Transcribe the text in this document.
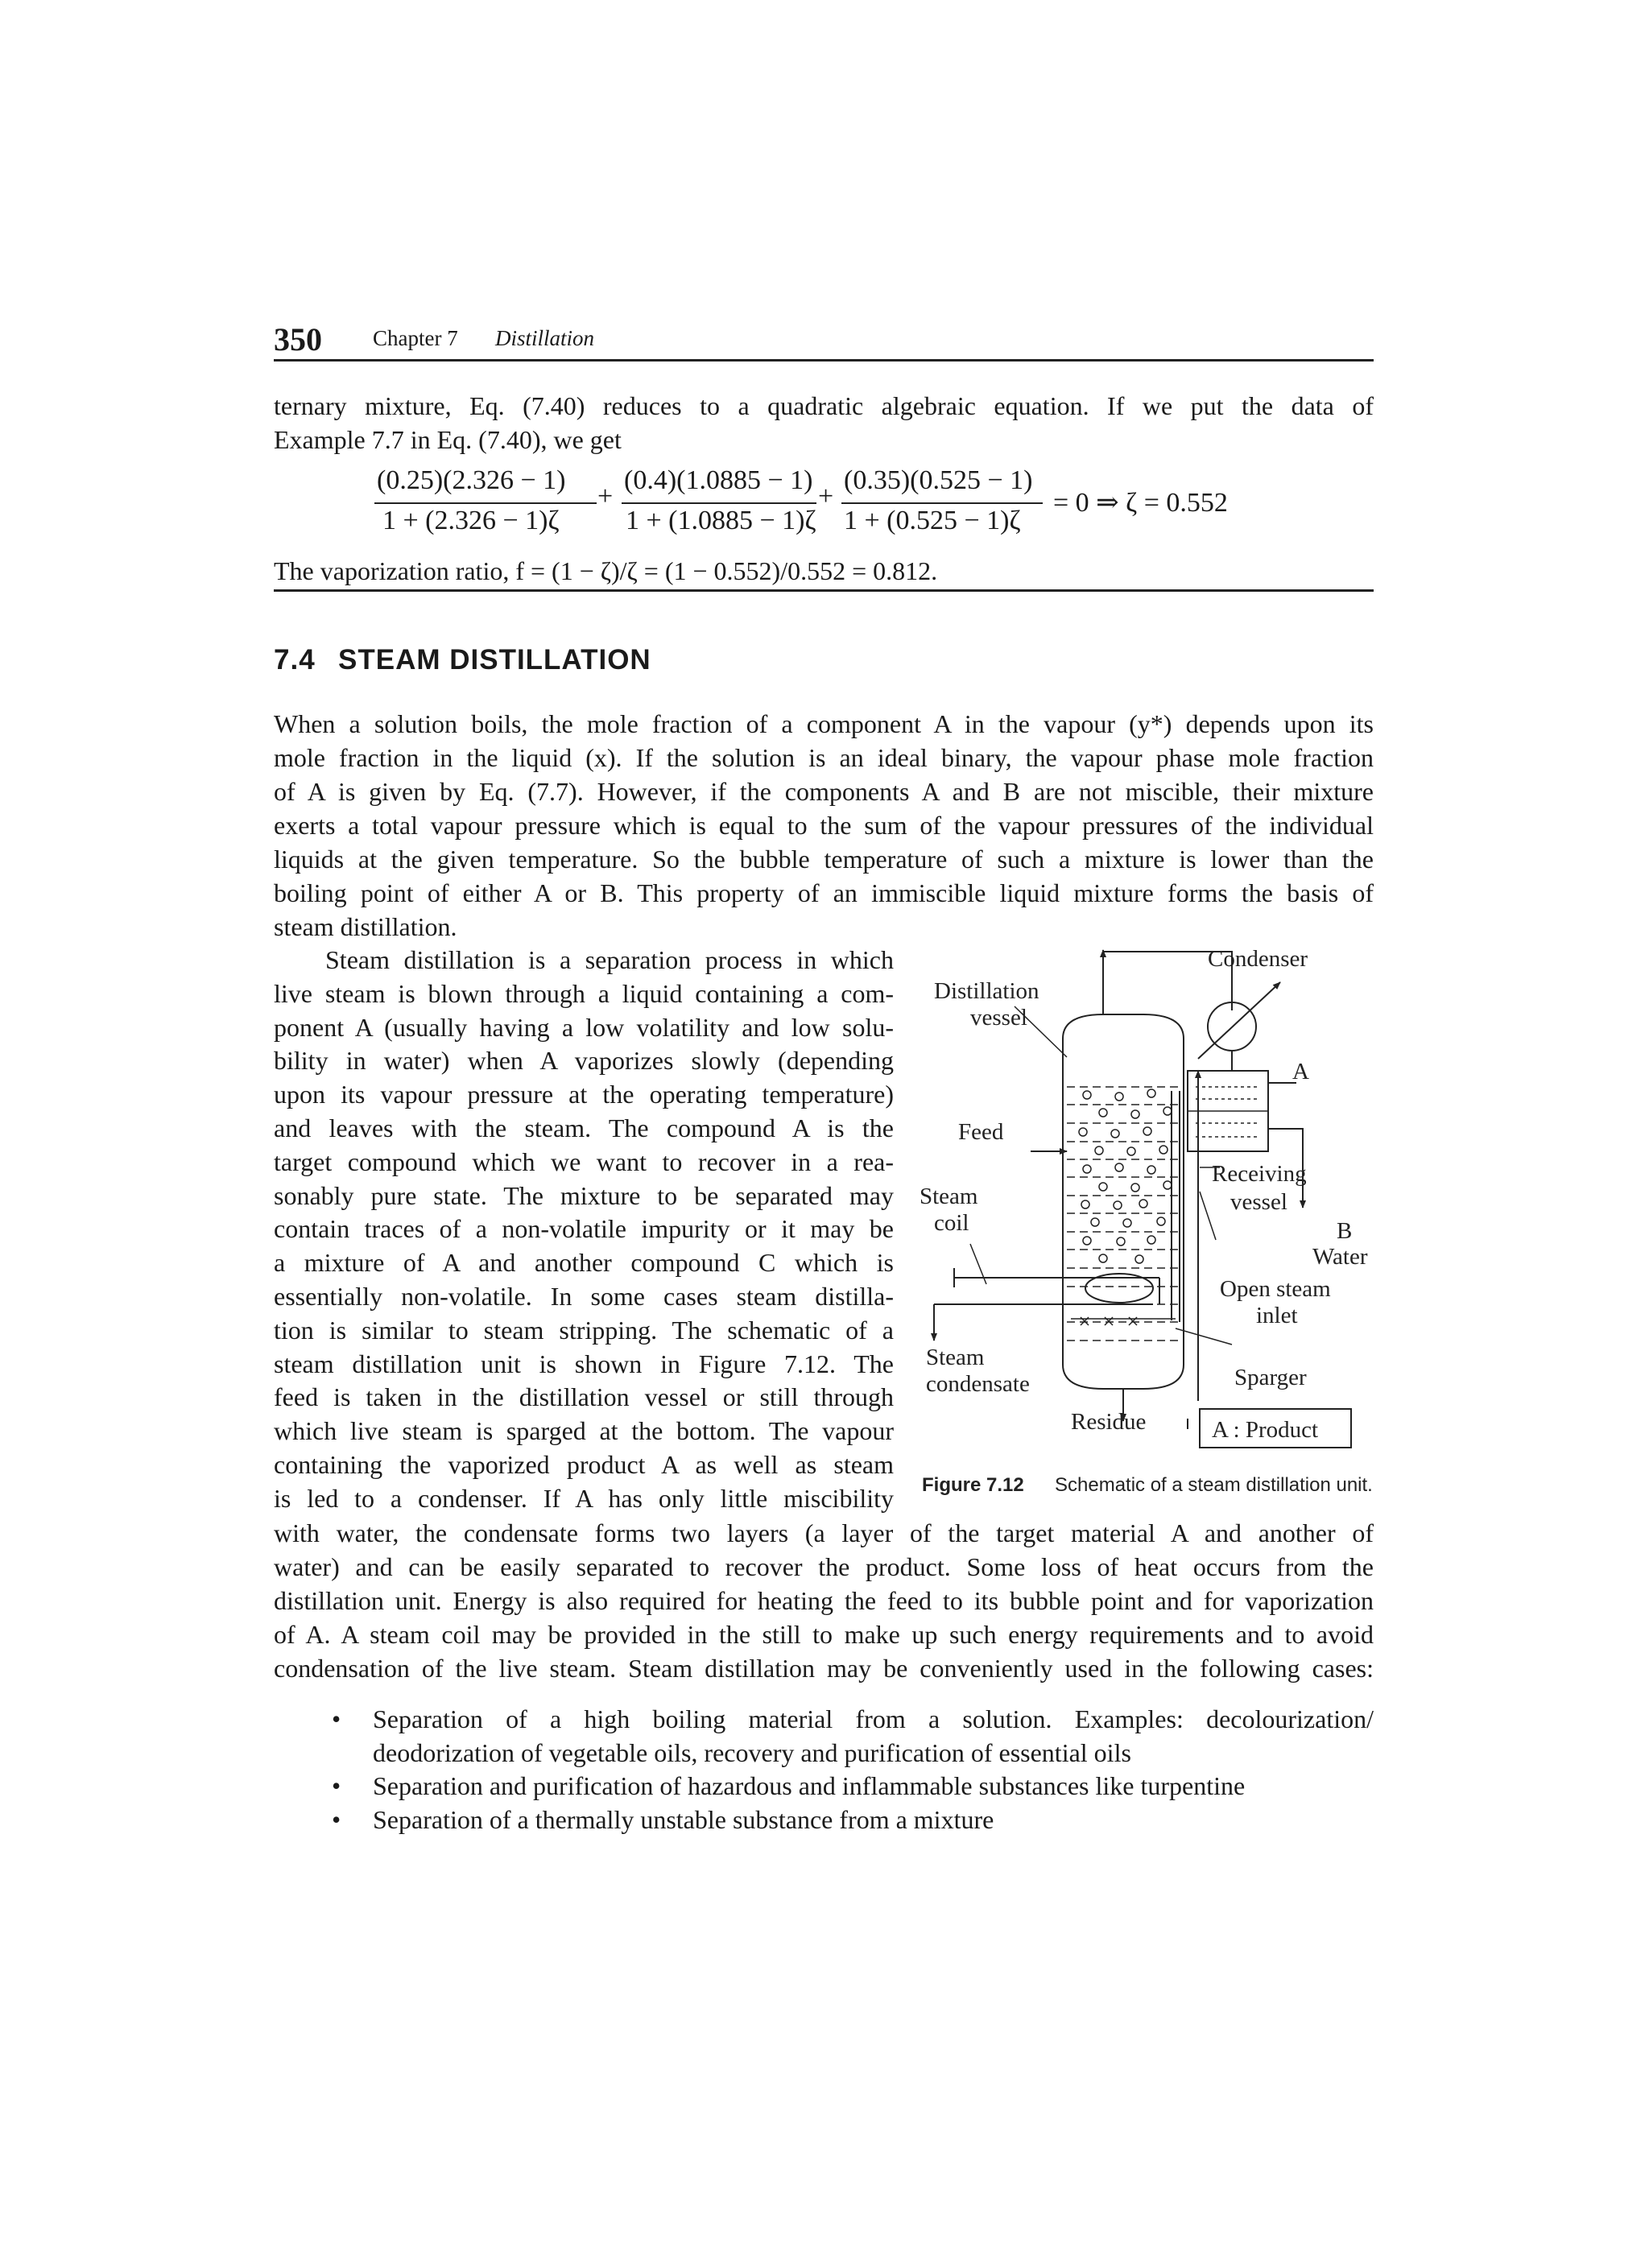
350 Chapter 7 Distillation
ternary mixture, Eq. (7.40) reduces to a quadratic algebraic equation. If we put the data of
Example 7.7 in Eq. (7.40), we get
(0.25)(2.326 − 1)
1 + (2.326 − 1)ζ
+
(0.4)(1.0885 − 1)
1 + (1.0885 − 1)ζ
+
(0.35)(0.525 − 1)
1 + (0.525 − 1)ζ
= 0 ⇒ ζ = 0.552
The vaporization ratio, f = (1 − ζ)/ζ = (1 − 0.552)/0.552 = 0.812.
7.4 STEAM DISTILLATION
When a solution boils, the mole fraction of a component A in the vapour (y*) depends upon its
mole fraction in the liquid (x). If the solution is an ideal binary, the vapour phase mole fraction
of A is given by Eq. (7.7). However, if the components A and B are not miscible, their mixture
exerts a total vapour pressure which is equal to the sum of the vapour pressures of the individual
liquids at the given temperature. So the bubble temperature of such a mixture is lower than the
boiling point of either A or B. This property of an immiscible liquid mixture forms the basis of
steam distillation.
Steam distillation is a separation process in which
live steam is blown through a liquid containing a com-
ponent A (usually having a low volatility and low solu-
bility in water) when A vaporizes slowly (depending
upon its vapour pressure at the operating temperature)
and leaves with the steam. The compound A is the
target compound which we want to recover in a rea-
sonably pure state. The mixture to be separated may
contain traces of a non-volatile impurity or it may be
a mixture of A and another compound C which is
essentially non-volatile. In some cases steam distilla-
tion is similar to steam stripping. The schematic of a
steam distillation unit is shown in Figure 7.12. The
feed is taken in the distillation vessel or still through
which live steam is sparged at the bottom. The vapour
containing the vaporized product A as well as steam
is led to a condenser. If A has only little miscibility
with water, the condensate forms two layers (a layer of the target material A and another of
water) and can be easily separated to recover the product. Some loss of heat occurs from the
distillation unit. Energy is also required for heating the feed to its bubble point and for vaporization
of A. A steam coil may be provided in the still to make up such energy requirements and to avoid
condensation of the live steam. Steam distillation may be conveniently used in the following cases:
• Separation of a high boiling material from a solution. Examples: decolourization/
deodorization of vegetable oils, recovery and purification of essential oils
• Separation and purification of hazardous and inflammable substances like turpentine
• Separation of a thermally unstable substance from a mixture
Condenser
Distillation
vessel
A
Feed
Receiving
vessel
Steam
coil	B
Water
Open steam
inlet
Steam
condensate	Sparger
Residue	A : Product
Figure 7.12 Schematic of a steam distillation unit.
